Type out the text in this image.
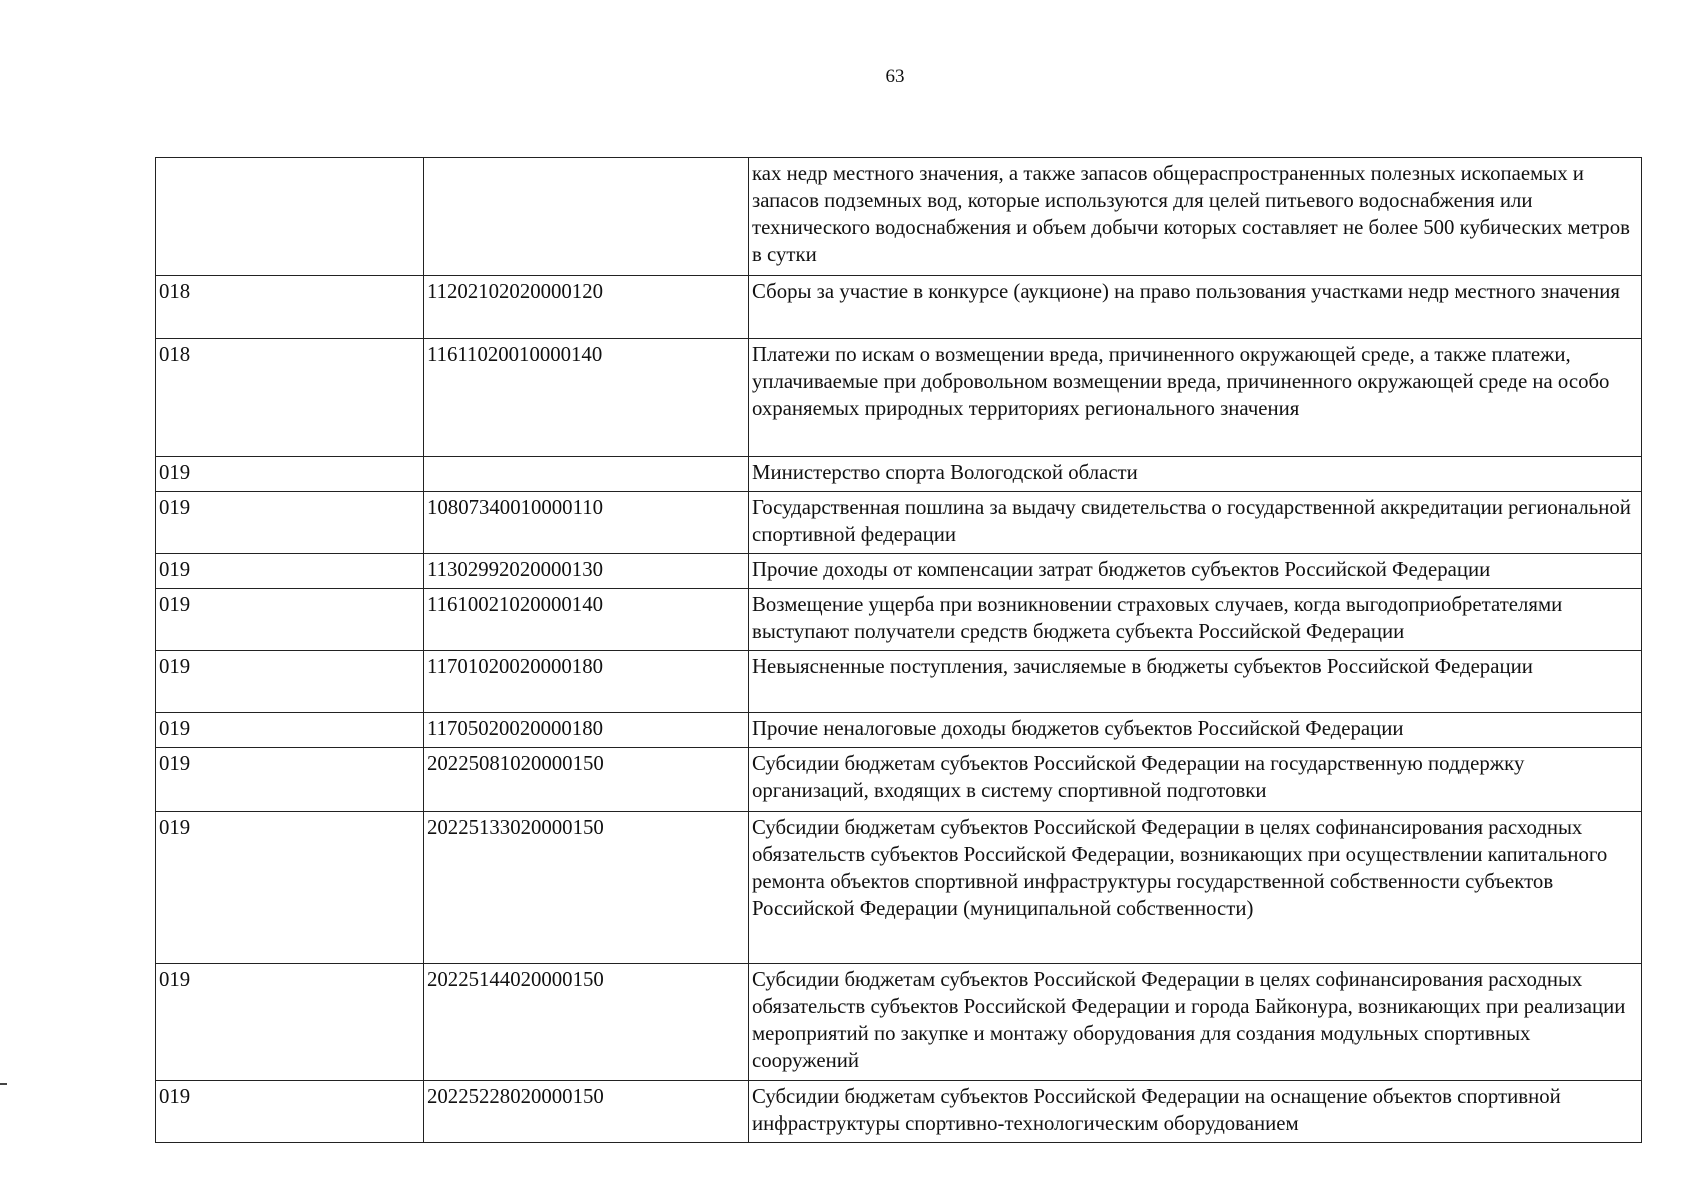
63
		ках недр местного значения, а также запасов общераспространенных полезных ископаемых и запасов подземных вод, которые используются для целей питьевого водоснабжения или технического водоснабжения и объем добычи которых составляет не более 500 кубических метров в сутки
018	11202102020000120	Сборы за участие в конкурсе (аукционе) на право пользования участками недр местного значения
018	11611020010000140	Платежи по искам о возмещении вреда, причиненного окружающей среде, а также платежи, уплачиваемые при добровольном возмещении вреда, причиненного окружающей среде на особо охраняемых природных территориях регионального значения
019		Министерство спорта Вологодской области
019	10807340010000110	Государственная пошлина за выдачу свидетельства о государственной аккредитации региональной спортивной федерации
019	11302992020000130	Прочие доходы от компенсации затрат бюджетов субъектов Российской Федерации
019	11610021020000140	Возмещение ущерба при возникновении страховых случаев, когда выгодоприобретателями выступают получатели средств бюджета субъекта Российской Федерации
019	11701020020000180	Невыясненные поступления, зачисляемые в бюджеты субъектов Российской Федерации
019	11705020020000180	Прочие неналоговые доходы бюджетов субъектов Российской Федерации
019	20225081020000150	Субсидии бюджетам субъектов Российской Федерации на государственную поддержку организаций, входящих в систему спортивной подготовки
019	20225133020000150	Субсидии бюджетам субъектов Российской Федерации в целях софинансирования расходных обязательств субъектов Российской Федерации, возникающих при осуществлении капитального ремонта объектов спортивной инфраструктуры государственной собственности субъектов Российской Федерации (муниципальной собственности)
019	20225144020000150	Субсидии бюджетам субъектов Российской Федерации в целях софинансирования расходных обязательств субъектов Российской Федерации и города Байконура, возникающих при реализации мероприятий по закупке и монтажу оборудования для создания модульных спортивных сооружений
019	20225228020000150	Субсидии бюджетам субъектов Российской Федерации на оснащение объектов спортивной инфраструктуры спортивно-технологическим оборудованием
